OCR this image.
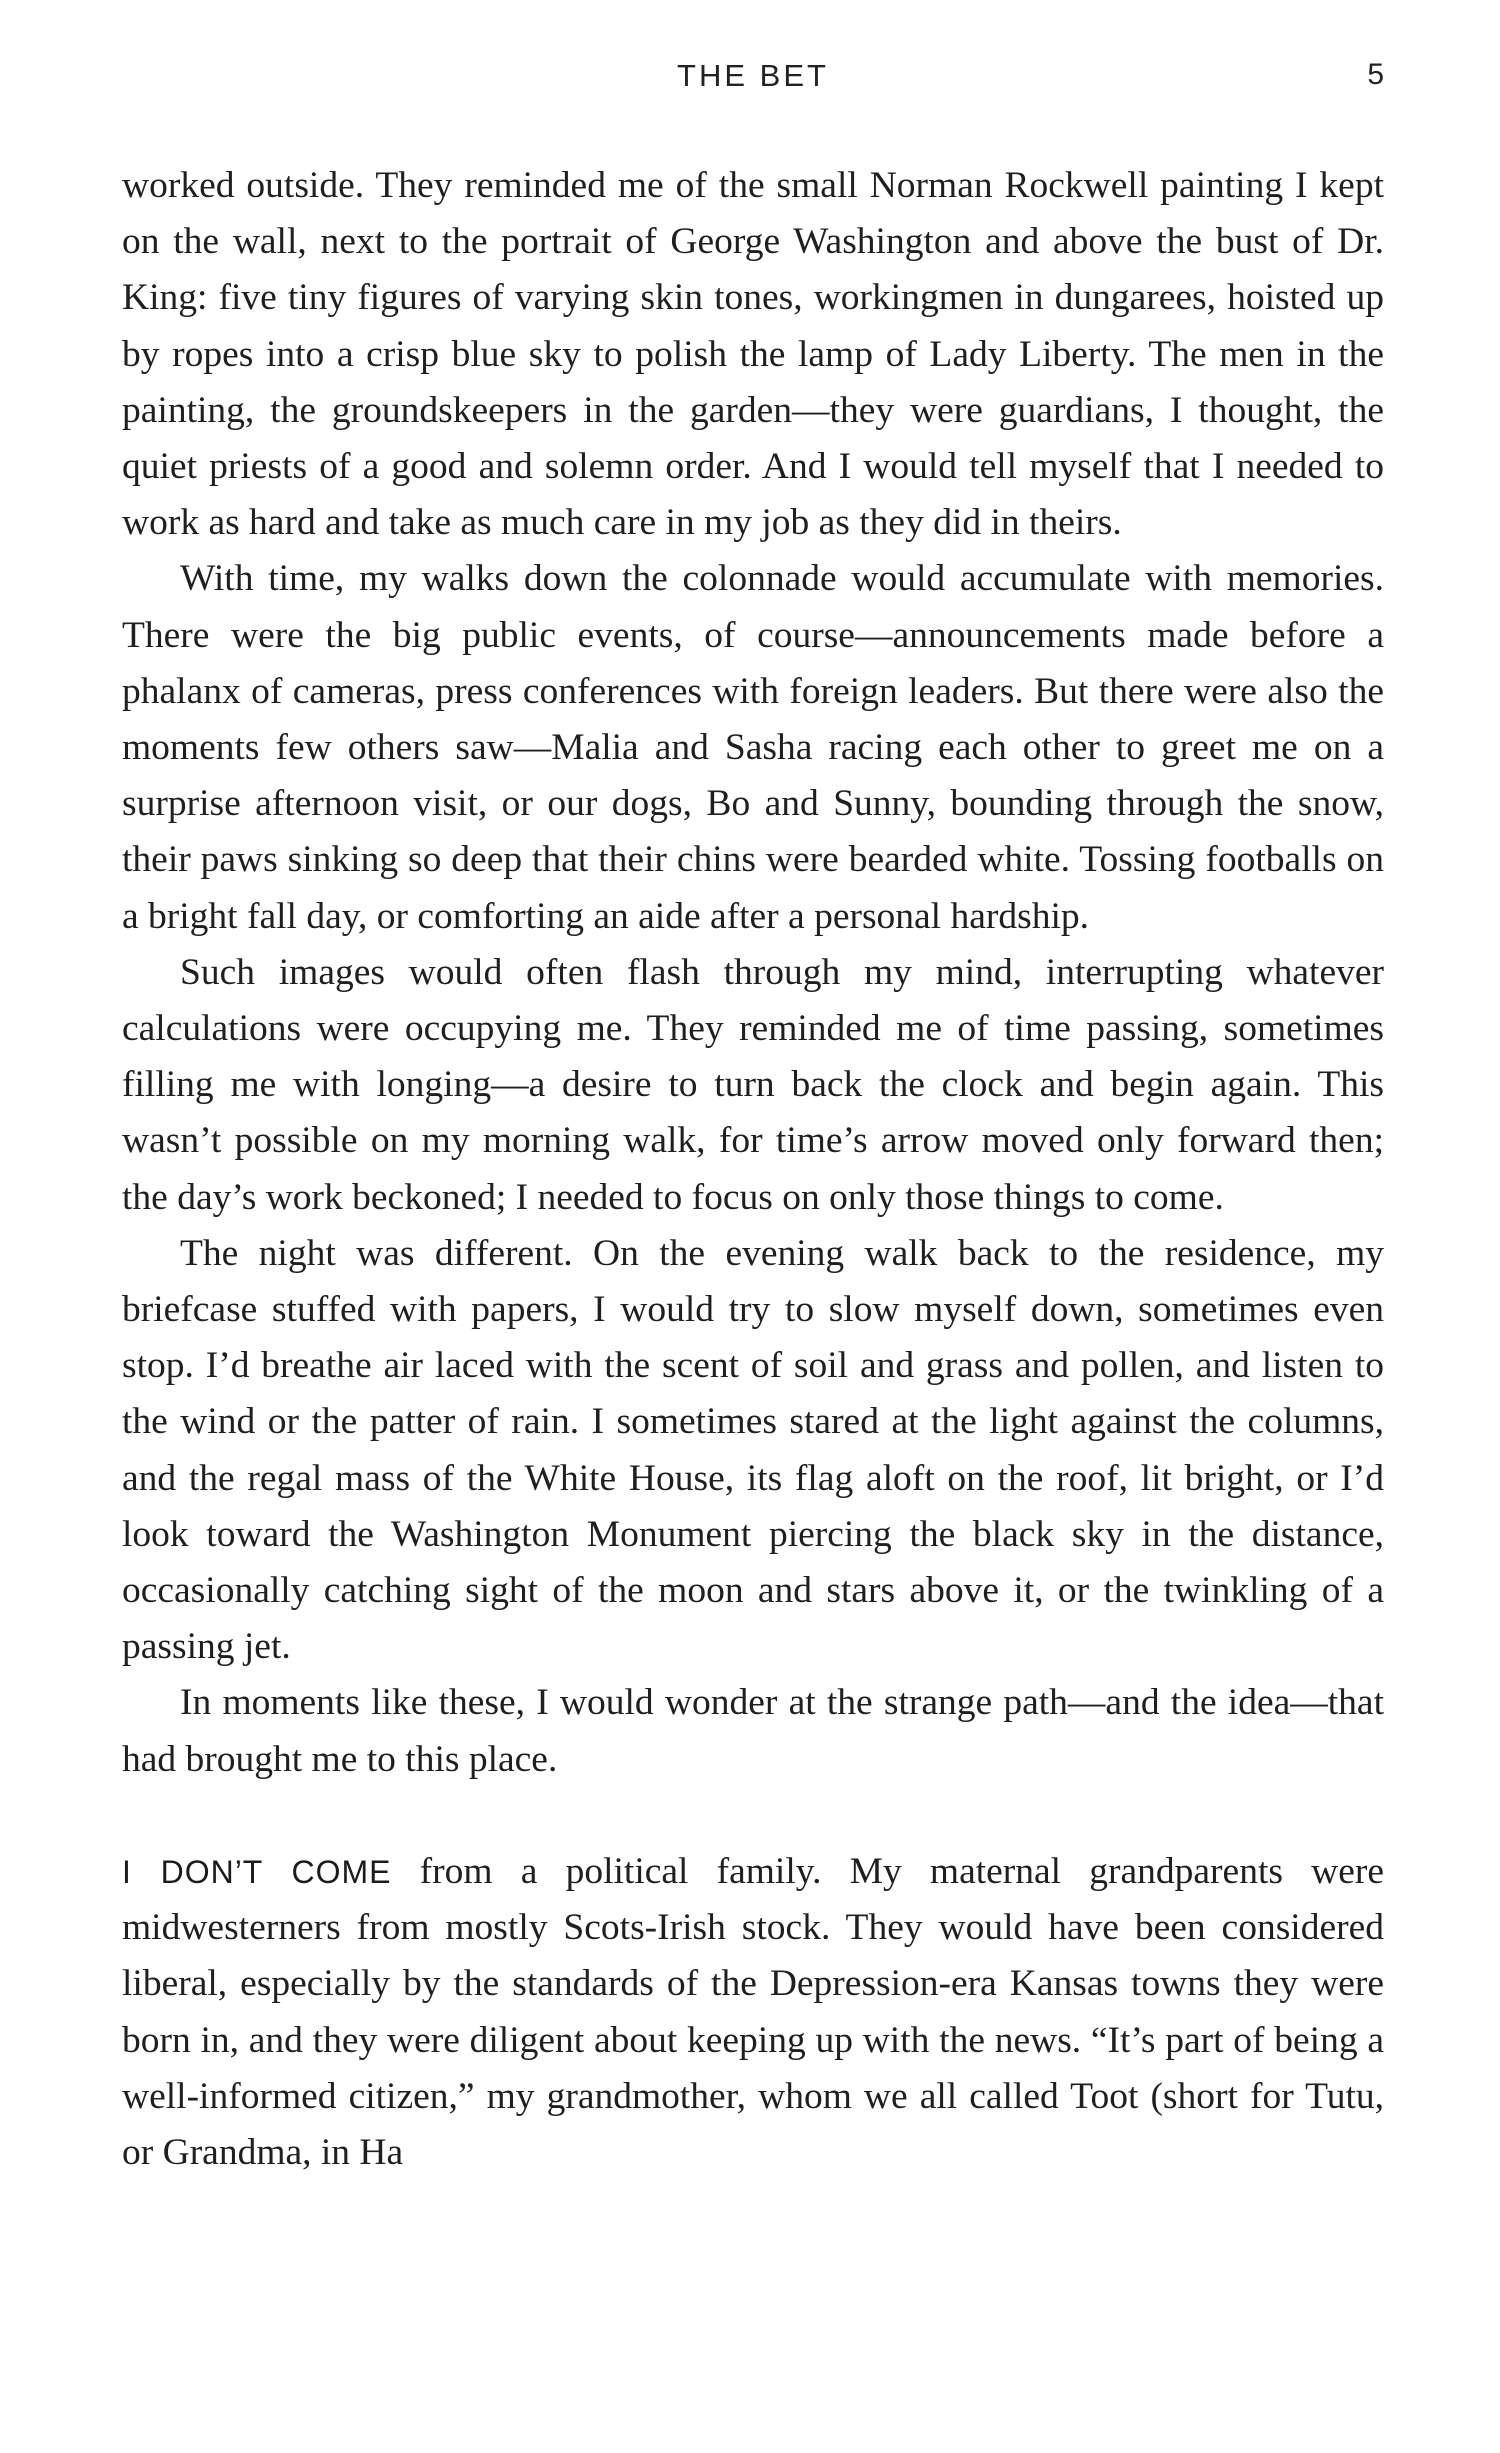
THE BET	5

worked outside. They reminded me of the small Norman Rockwell painting I kept on the wall, next to the portrait of George Washington and above the bust of Dr. King: five tiny figures of varying skin tones, workingmen in dungarees, hoisted up by ropes into a crisp blue sky to polish the lamp of Lady Liberty. The men in the painting, the groundskeepers in the garden—they were guardians, I thought, the quiet priests of a good and solemn order. And I would tell myself that I needed to work as hard and take as much care in my job as they did in theirs.

With time, my walks down the colonnade would accumulate with memories. There were the big public events, of course—announcements made before a phalanx of cameras, press conferences with foreign leaders. But there were also the moments few others saw—Malia and Sasha racing each other to greet me on a surprise afternoon visit, or our dogs, Bo and Sunny, bounding through the snow, their paws sinking so deep that their chins were bearded white. Tossing footballs on a bright fall day, or comforting an aide after a personal hardship.

Such images would often flash through my mind, interrupting whatever calculations were occupying me. They reminded me of time passing, sometimes filling me with longing—a desire to turn back the clock and begin again. This wasn’t possible on my morning walk, for time’s arrow moved only forward then; the day’s work beckoned; I needed to focus on only those things to come.

The night was different. On the evening walk back to the residence, my briefcase stuffed with papers, I would try to slow myself down, sometimes even stop. I’d breathe air laced with the scent of soil and grass and pollen, and listen to the wind or the patter of rain. I sometimes stared at the light against the columns, and the regal mass of the White House, its flag aloft on the roof, lit bright, or I’d look toward the Washington Monument piercing the black sky in the distance, occasionally catching sight of the moon and stars above it, or the twinkling of a passing jet.

In moments like these, I would wonder at the strange path—and the idea—that had brought me to this place.

I DON’T COME from a political family. My maternal grandparents were midwesterners from mostly Scots-Irish stock. They would have been considered liberal, especially by the standards of the Depression-era Kansas towns they were born in, and they were diligent about keeping up with the news. “It’s part of being a well-informed citizen,” my grandmother, whom we all called Toot (short for Tutu, or Grandma, in Ha
